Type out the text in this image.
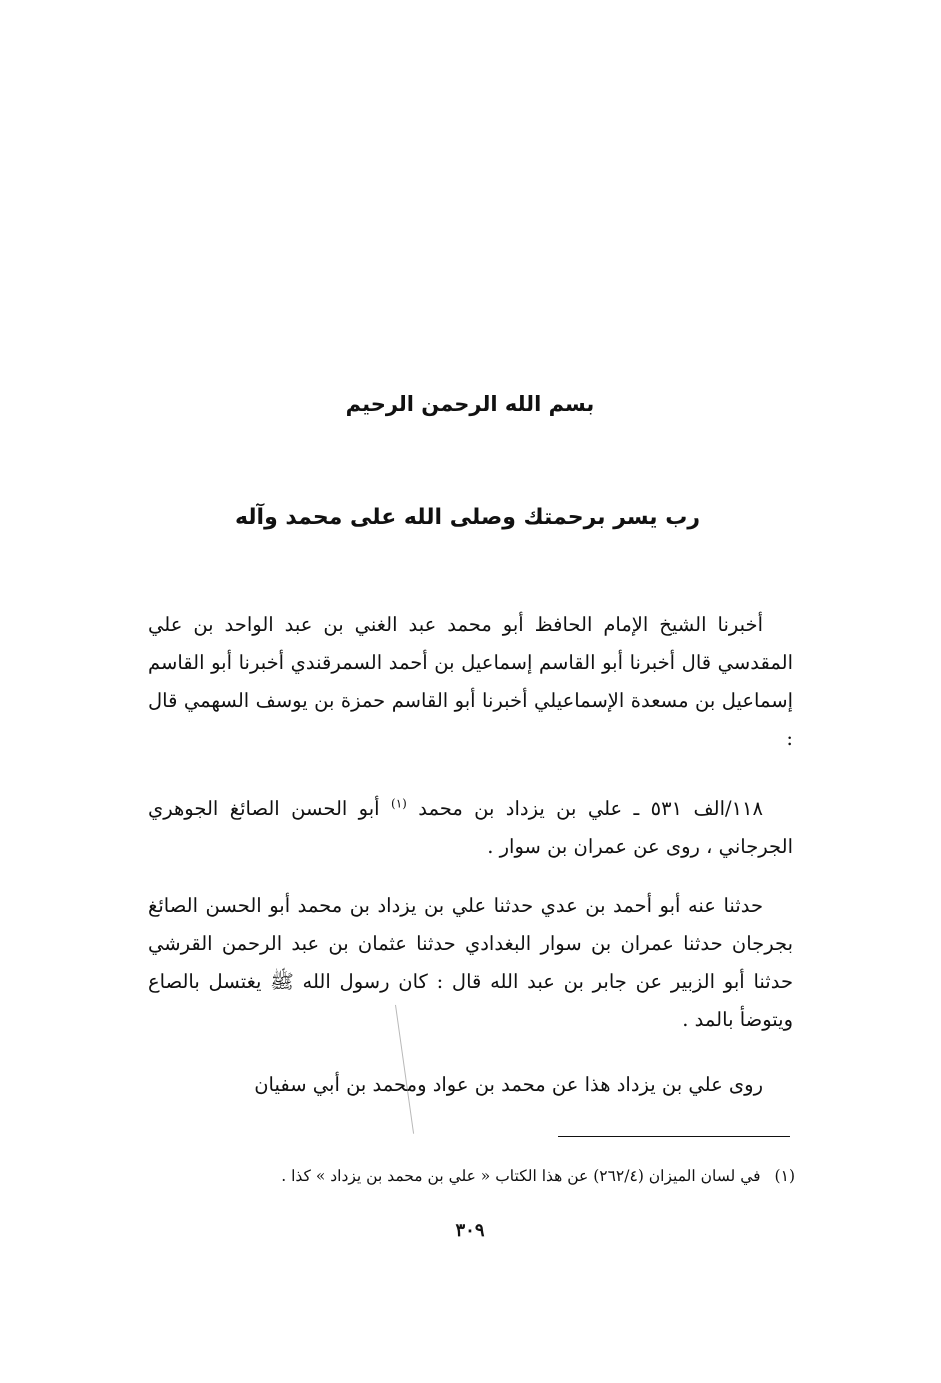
بسم الله الرحمن الرحيم
رب يسر برحمتك وصلى الله على محمد وآله

أخبرنا الشيخ الإمام الحافظ أبو محمد عبد الغني بن عبد الواحد بن علي المقدسي قال أخبرنا أبو القاسم إسماعيل بن أحمد السمرقندي أخبرنا أبو القاسم إسماعيل بن مسعدة الإسماعيلي أخبرنا أبو القاسم حمزة بن يوسف السهمي قال :

١١٨/الف ٥٣١ ـ علي بن يزداد بن محمد $^{(١)}$ أبو الحسن الصائغ الجوهري الجرجاني ، روى عن عمران بن سوار .

حدثنا عنه أبو أحمد بن عدي حدثنا علي بن يزداد بن محمد أبو الحسن الصائغ بجرجان حدثنا عمران بن سوار البغدادي حدثنا عثمان بن عبد الرحمن القرشي حدثنا أبو الزبير عن جابر بن عبد الله قال : كان رسول الله ﷺ يغتسل بالصاع ويتوضأ بالمد .

روى علي بن يزداد هذا عن محمد بن عواد ومحمد بن أبي سفيان

(١)في لسان الميزان (٢٦٢/٤) عن هذا الكتاب « علي بن محمد بن يزداد » كذا .
٣٠٩
